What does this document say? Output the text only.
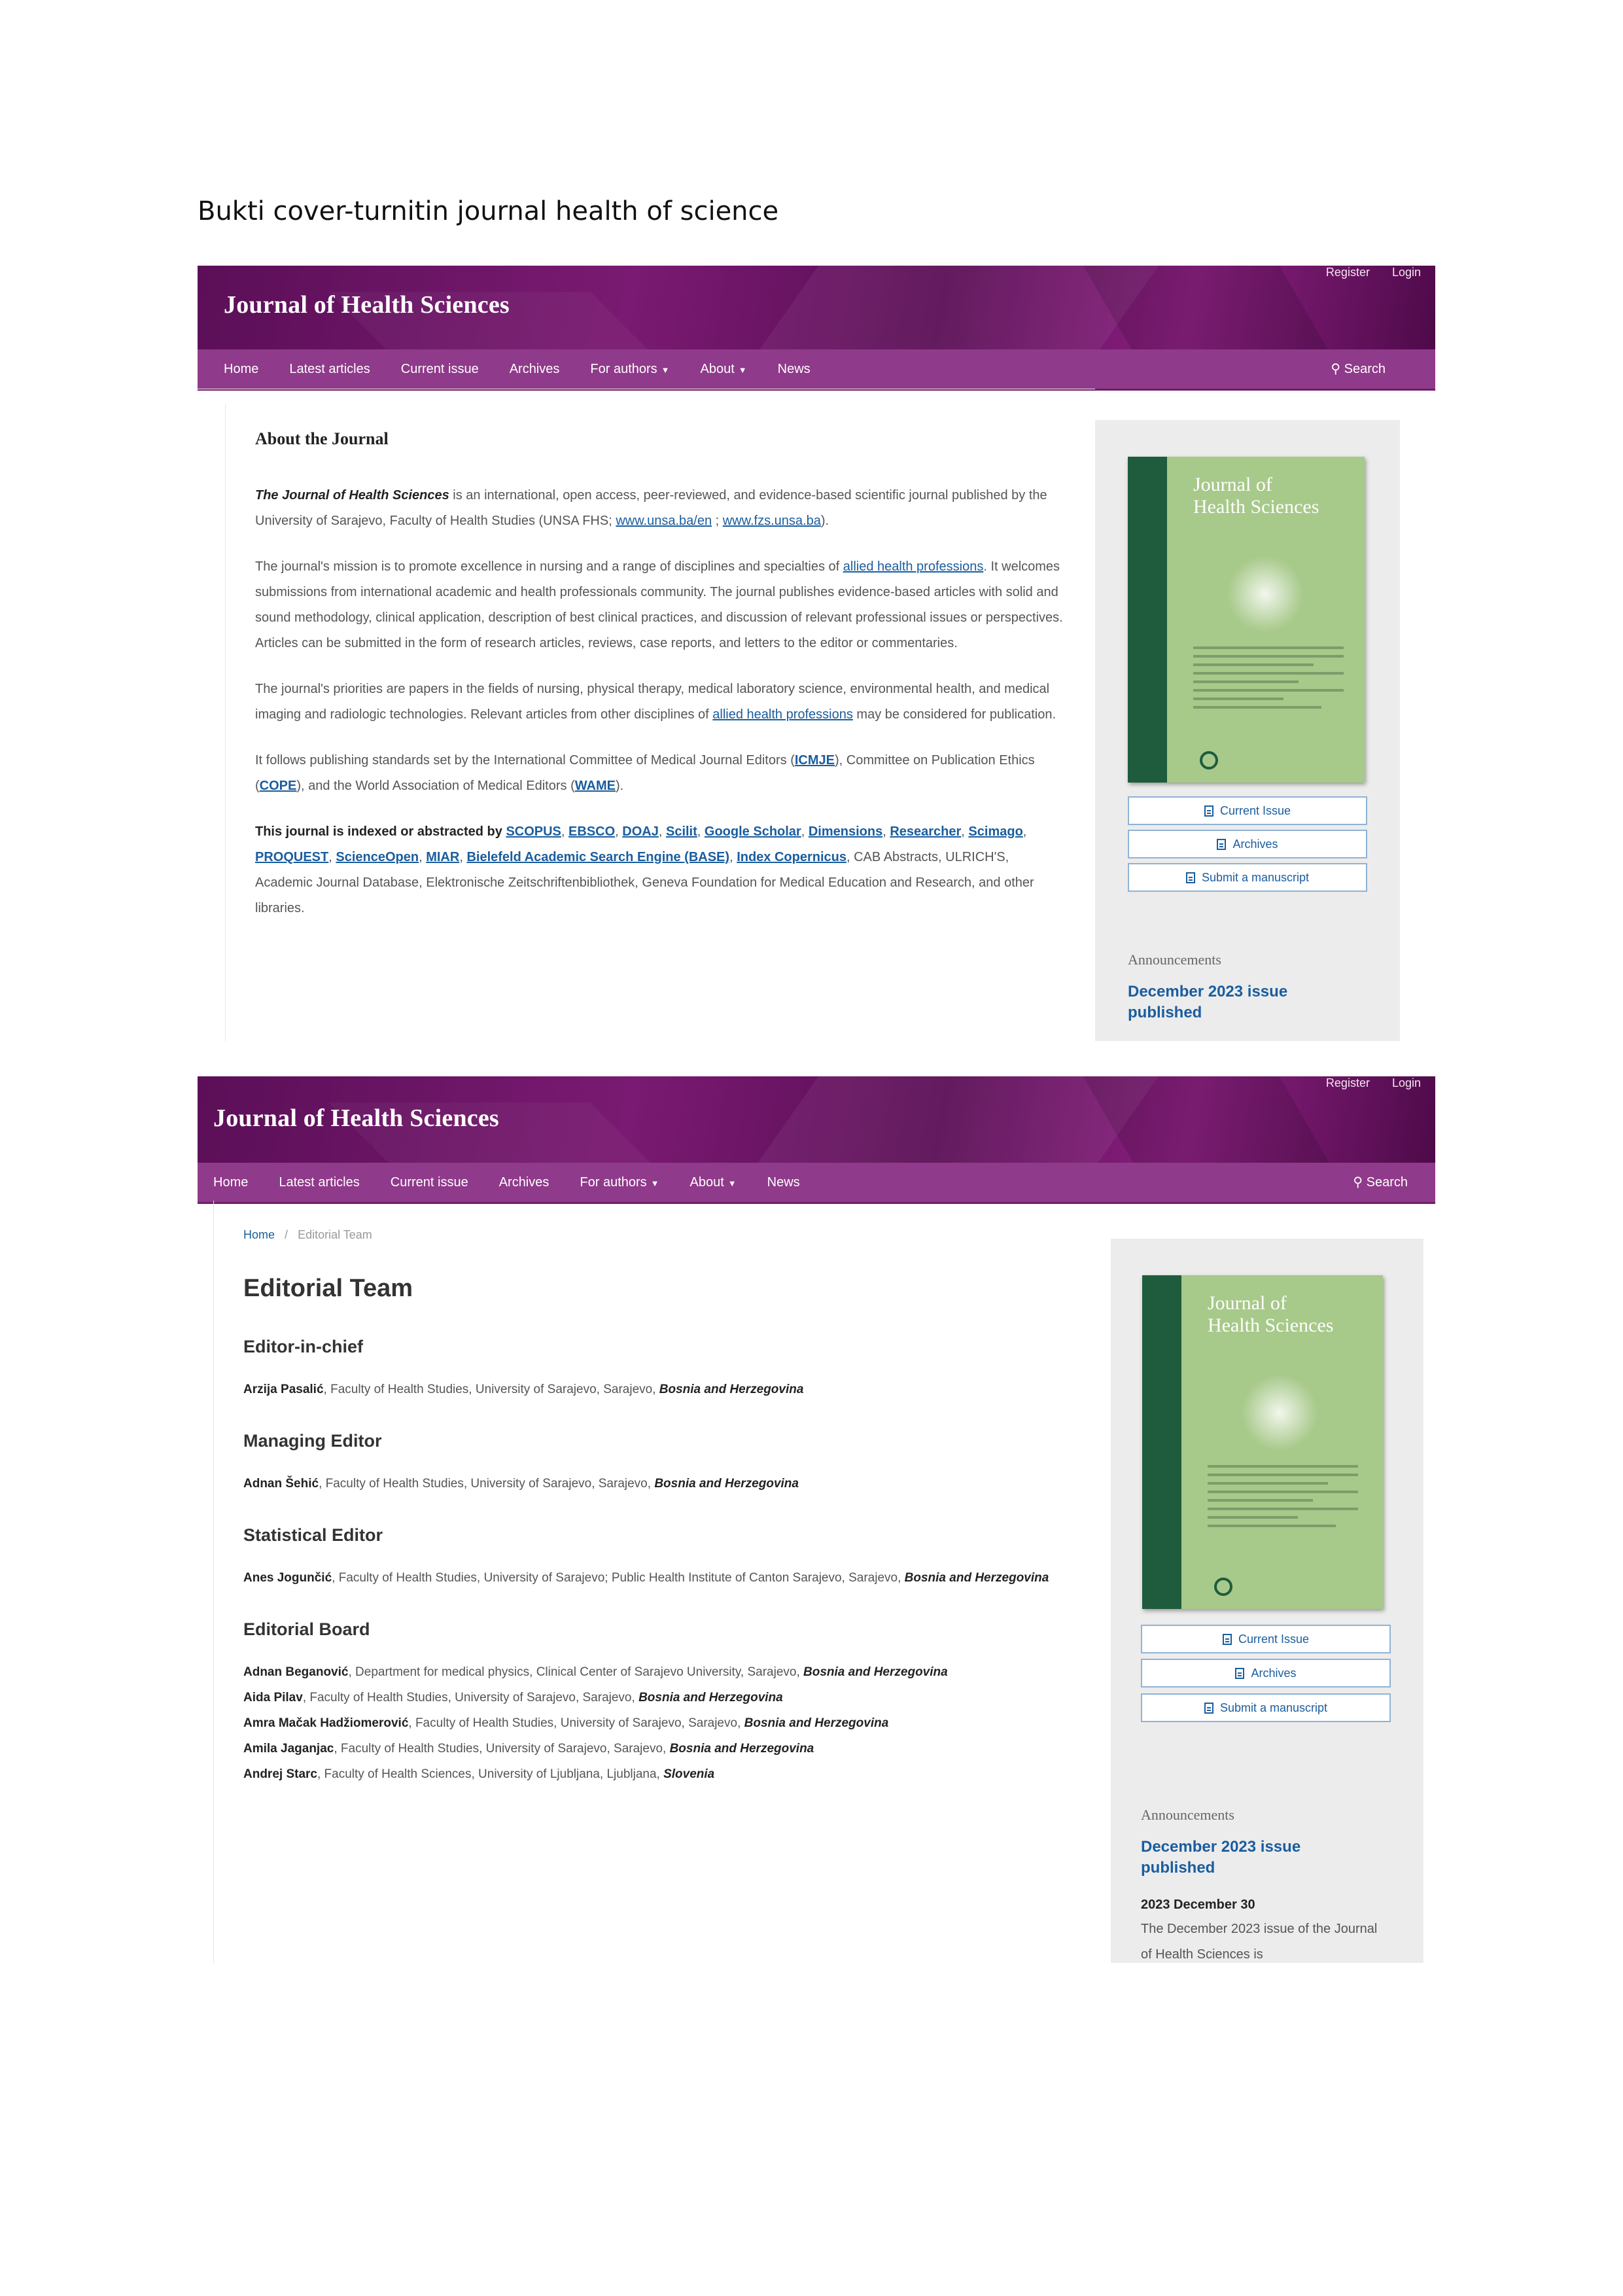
Bukti cover-turnitin journal health of science
Journal of Health Sciences
Register Login
Home Latest articles Current issue Archives For authors ▼ About ▼ News	⚲ Search
About the Journal

The Journal of Health Sciences is an international, open access, peer-reviewed, and evidence-based scientific journal published by the University of Sarajevo, Faculty of Health Studies (UNSA FHS; www.unsa.ba/en ; www.fzs.unsa.ba).

The journal's mission is to promote excellence in nursing and a range of disciplines and specialties of allied health professions. It welcomes submissions from international academic and health professionals community. The journal publishes evidence-based articles with solid and sound methodology, clinical application, description of best clinical practices, and discussion of relevant professional issues or perspectives. Articles can be submitted in the form of research articles, reviews, case reports, and letters to the editor or commentaries.

The journal's priorities are papers in the fields of nursing, physical therapy, medical laboratory science, environmental health, and medical imaging and radiologic technologies. Relevant articles from other disciplines of allied health professions may be considered for publication.

It follows publishing standards set by the International Committee of Medical Journal Editors (ICMJE), Committee on Publication Ethics (COPE), and the World Association of Medical Editors (WAME).

This journal is indexed or abstracted by SCOPUS, EBSCO, DOAJ, Scilit, Google Scholar, Dimensions, Researcher, Scimago, PROQUEST, ScienceOpen, MIAR, Bielefeld Academic Search Engine (BASE), Index Copernicus, CAB Abstracts, ULRICH'S, Academic Journal Database, Elektronische Zeitschriftenbibliothek, Geneva Foundation for Medical Education and Research, and other libraries.

Journal of
Health Sciences
Current Issue
Archives
Submit a manuscript
Announcements
December 2023 issue published
Journal of Health Sciences
Register Login
Home Latest articles Current issue Archives For authors ▼ About ▼ News	⚲ Search
Home / Editorial Team
Editorial Team
Editor-in-chief
Arzija Pasalić, Faculty of Health Studies, University of Sarajevo, Sarajevo, Bosnia and Herzegovina
Managing Editor
Adnan Šehić, Faculty of Health Studies, University of Sarajevo, Sarajevo, Bosnia and Herzegovina
Statistical Editor
Anes Jogunčić, Faculty of Health Studies, University of Sarajevo; Public Health Institute of Canton Sarajevo, Sarajevo, Bosnia and Herzegovina
Editorial Board
Adnan Beganović, Department for medical physics, Clinical Center of Sarajevo University, Sarajevo, Bosnia and Herzegovina
Aida Pilav, Faculty of Health Studies, University of Sarajevo, Sarajevo, Bosnia and Herzegovina
Amra Mačak Hadžiomerović, Faculty of Health Studies, University of Sarajevo, Sarajevo, Bosnia and Herzegovina
Amila Jaganjac, Faculty of Health Studies, University of Sarajevo, Sarajevo, Bosnia and Herzegovina
Andrej Starc, Faculty of Health Sciences, University of Ljubljana, Ljubljana, Slovenia
Journal of
Health Sciences
Current Issue
Archives
Submit a manuscript
Announcements
December 2023 issue published
2023 December 30
The December 2023 issue of the Journal of Health Sciences is
